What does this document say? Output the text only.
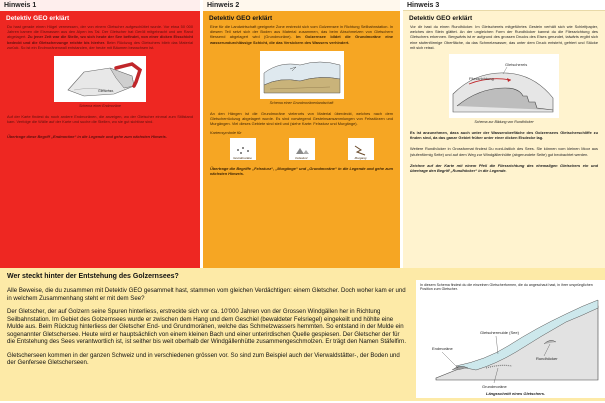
Hinweis 1
Detektiv GEO erklärt
Du hast gerade einen Hügel vermessen, der von einem Gletscher aufgeschüttet wurde. Vor etwa 50 000 Jahren kamen die Eismassen aus den Alpen ins Tal. Der Gletscher hat Geröll mitgebracht und am Rand abgelagert. Zu jener Zeit war die Stelle, wo sich heute der See befindet, von einer dicken Eisschicht bedeckt und die Gletscherzunge reichte bis hierher. Beim Rückzug des Gletschers blieb das Material zurück. So ist ein Endmoränenwall entstanden, der heute mit Bäumen bewachsen ist.
Gletscher
Schema einer Endmoräne
Auf der Karte findest du noch andere Endmoränen, die anzeigen, wo der Gletscher einmal zum Stillstand kam. Verfolge die Wälle auf der Karte und suche die Stellen, wo sie gut sichtbar sind.
Übertrage diese Begriff „Endmoräne“ in die Legende und gehe zum nächsten Hinweis.
Hinweis 2
Detektiv GEO erklärt
Eine für die Landwirtschaft geeignete Zone erstreckt sich vom Golzernsee in Richtung Seilbahnstation. In diesem Teil setzt sich der Boden aus Material zusammen, das beim Abschmelzen von Gletschern fliessend abgelagert wird (Grundmoräne). Im Golzernsee bildet die Grundmoräne eine wasserundurchlässige Schicht, die das Versickern des Wassers verhindert.
Schema einer Grundmoränenlandschaft
An den Hängen ist die Grundmoräne vielerorts von Material überdeckt, welches nach dem Gletscherrückzug abgelagert wurde. Es sind vorwiegend Gesteinsansammlungen von Felsstürzen und Murgängen. Viel dieses Gebiete sind steil und (siehe Karte: Felssturz und Murgänge).
Kartensymbole für
Grundmoräne	Felssturz	Murgang
Übertrage die Begriffe „Felssturz“, „Murgänge“ und „Grundmoräne“ in die Legende und gehe zum nächsten Hinweis.
Hinweis 3
Detektiv GEO erklärt
Vor dir hast du einen Rundhöcker. Im Gletschereis mitgeführtes Gestein verhält sich wie Schleifpapier, welches den Stein glättet. An der ungleichen Form der Rundhöcker kannst du die Fliessrichtung des Gletschers erkennen. Bergwärts ist er aufgrund des grossen Drucks des Eises gerundet, talwärts ergibt sich eine stufenförmige Oberfläche, da das Schmelzwasser, das unter dem Druck entsteht, gefriert und Stücke mit sich reisst.
Gletschereis
Fliessrichtung
Schema zur Bildung von Rundhöcker
Es ist anzunehmen, dass auch unter der Wasseroberfläche des Golzernsees Gletscherschliffe zu finden sind, da das ganze Gebiet früher unter einer dicken Eisdecke lag.
Weitere Rundhöcker in Grossformat findest Du nord-östlich des Sees. Sie können vom kleinen Moor aus (stufenförmig Seite) und auf dem Weg zur Windgällenhütte (abgerundete Seite) gut beobachtet werden.
Zeichne auf der Karte mit einem Pfeil die Fliessrichtung des ehemaligen Gletschers ein und übertrage den Begriff „Rundhöcker“ in die Legende.
Wer steckt hinter der Entstehung des Golzernsees?

Alle Beweise, die du zusammen mit Detektiv GEO gesammelt hast, stammen vom gleichen Verdächtigen: einem Gletscher. Doch woher kam er und in welchem Zusammenhang steht er mit dem See?

Der Gletscher, der auf Golzern seine Spuren hinterliess, erstreckte sich vor ca. 10'000 Jahren von der Grossen Windgällen her in Richtung Seilbahnstation. Im Gebiet des Golzernsees wurde er zwischen dem Hang und dem Geschiel (bewaldeter Felsriegel) eingekeilt und höhlte eine Mulde aus. Beim Rückzug hinterliess der Gletscher End- und Grundmoränen, welche das Schmelzwassers hemmten. So entstand in der Mulde ein sogenannter Gletschersee. Heute wird er hauptsächlich von einem kleinen Bach und einer unterirdischen Quelle gespiesen. Der Gletscher der für die Entstehung des Sees verantwortlich ist, ist seither bis weit oberhalb der Windgällenhütte zusammengeschmolzen. Er trägt den Namen Stäfelfirn.

Gletscherseen kommen in der ganzen Schweiz und in verschiedenen grössen vor. So sind zum Beispiel auch der Vierwaldstätter-, der Boden und der Genfersee Gletscherseen.

In diesem Schema findest du die einzelnen Gletscherformen, die du angeschaut hast, in ihrer ursprünglichen Position zum Gletscher.
Gletschermulde (See)
Endmoräne
Grundmoräne
Rundhöcker
Längsschnitt eines Gletschers.
